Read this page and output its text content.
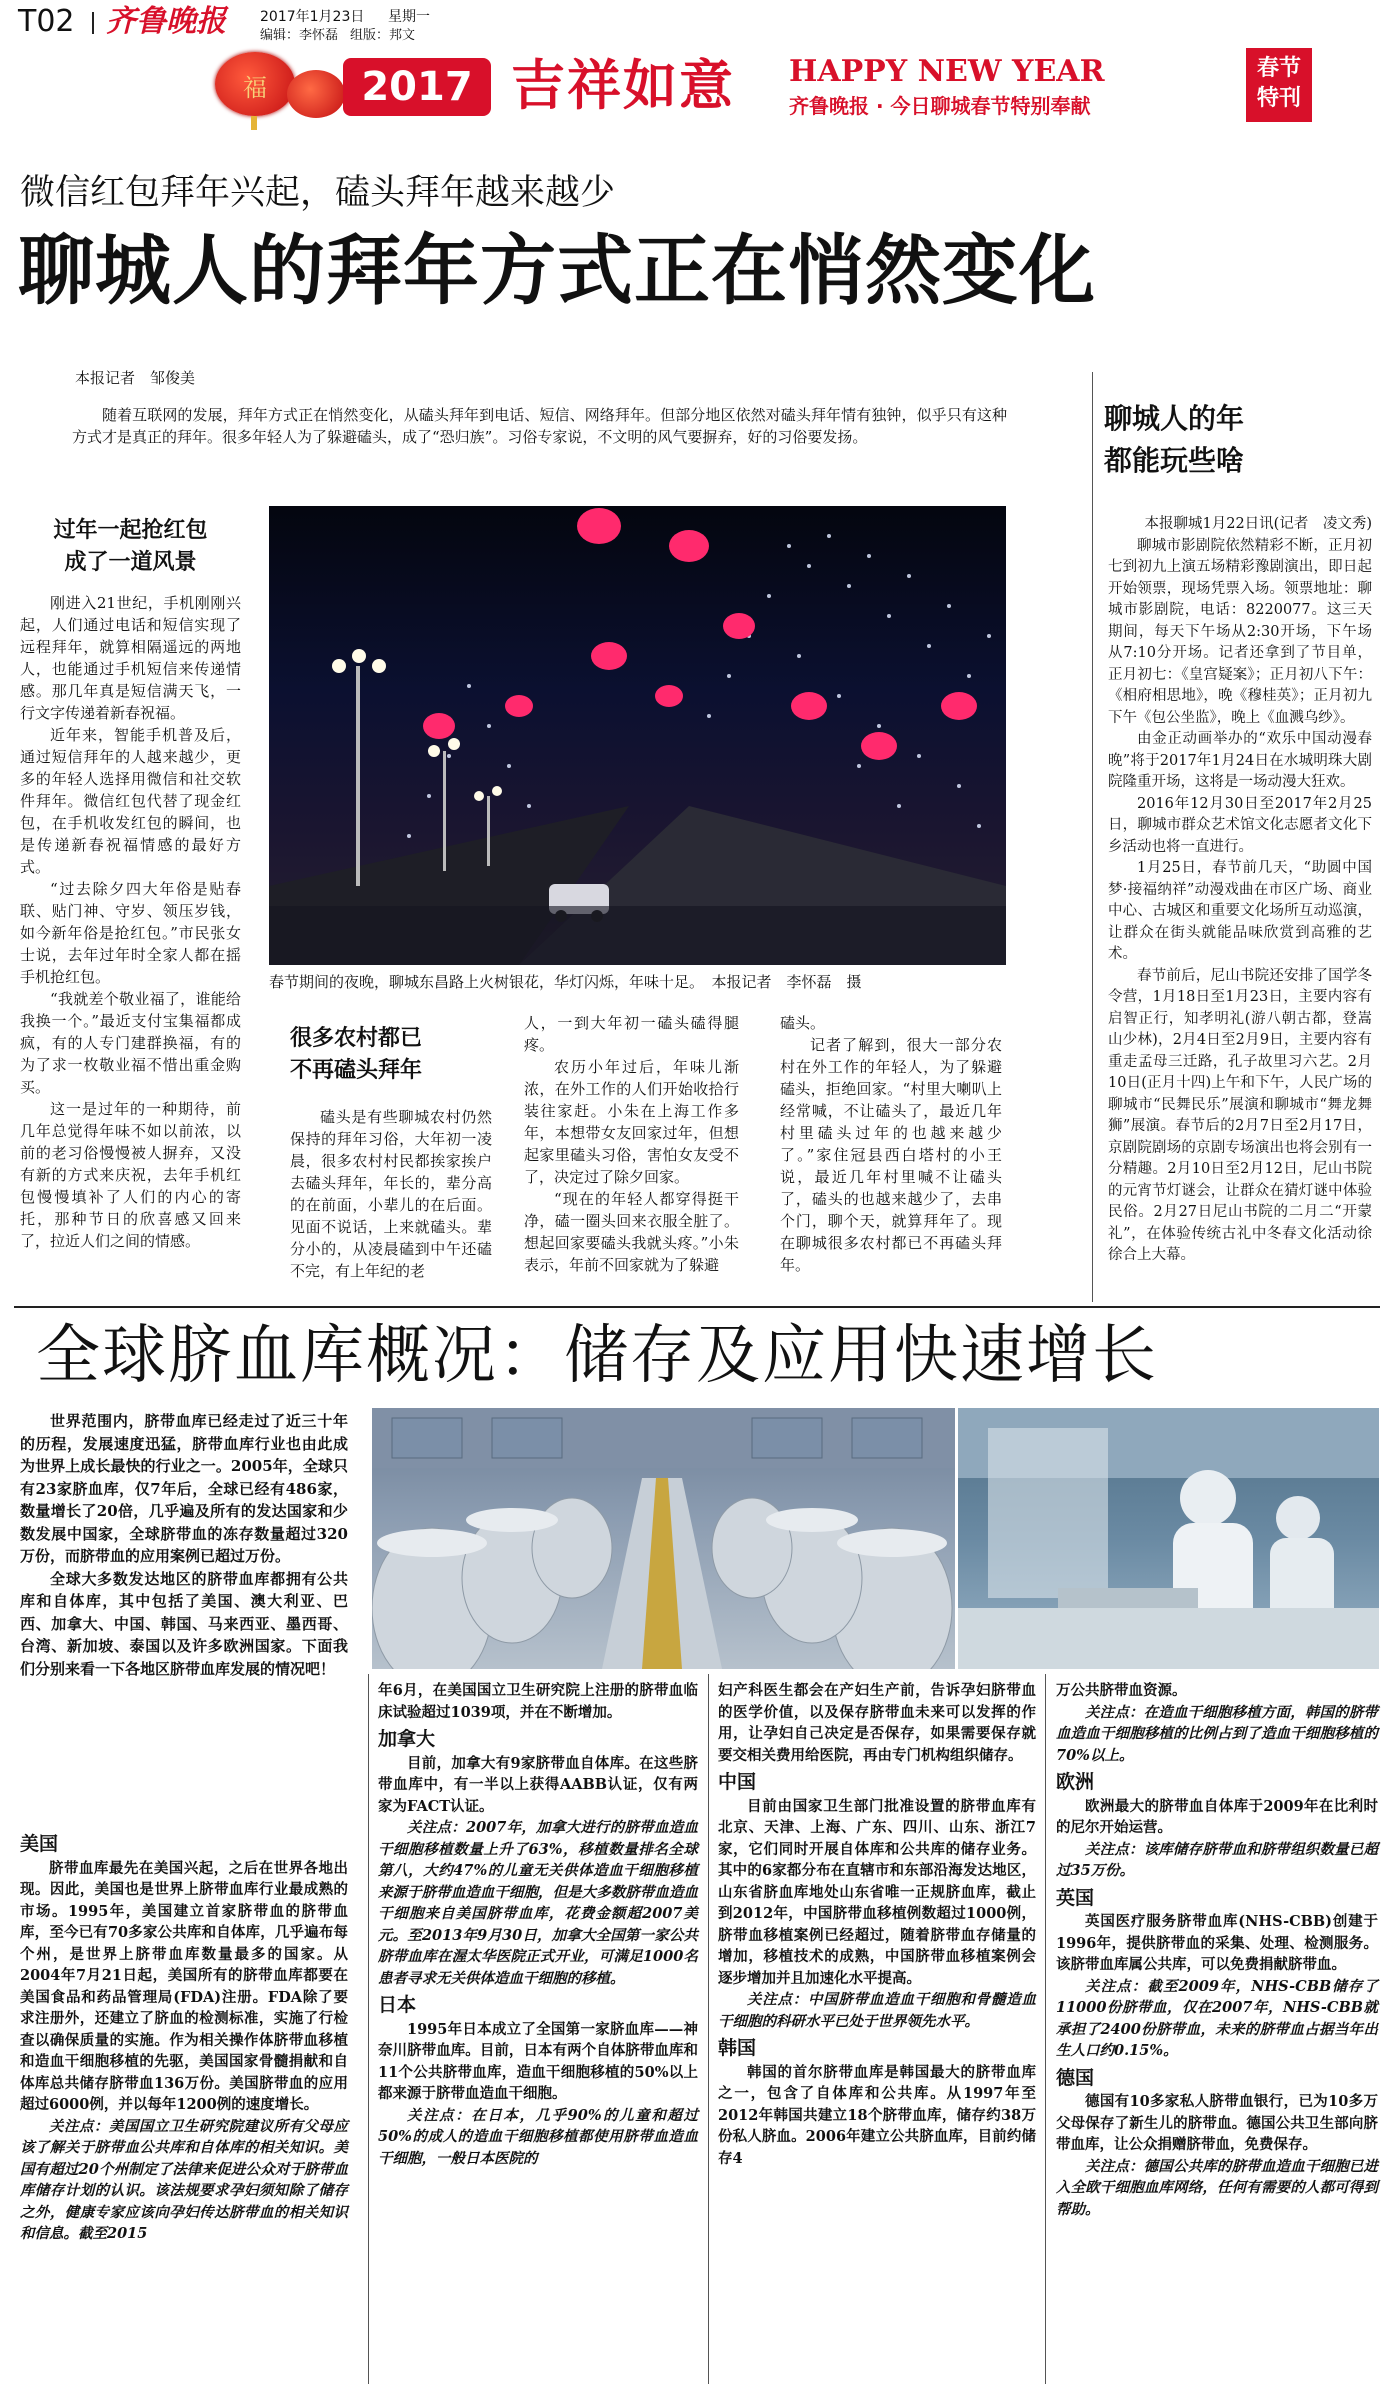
T02 齐鲁晚报 2017年1月23日 星期一
编辑：李怀磊 组版：邦文
福	2017 吉祥如意 HAPPY NEW YEAR
齐鲁晚报 · 今日聊城春节特别奉献
春节
特刊
微信红包拜年兴起，磕头拜年越来越少
聊城人的拜年方式正在悄然变化
本报记者　邹俊美

随着互联网的发展，拜年方式正在悄然变化，从磕头拜年到电话、短信、网络拜年。但部分地区依然对磕头拜年情有独钟，似乎只有这种方式才是真正的拜年。很多年轻人为了躲避磕头，成了“恐归族”。习俗专家说，不文明的风气要摒弃，好的习俗要发扬。

过年一起抢红包
成了一道风景

刚进入21世纪，手机刚刚兴起，人们通过电话和短信实现了远程拜年，就算相隔遥远的两地人，也能通过手机短信来传递情感。那几年真是短信满天飞，一行文字传递着新春祝福。

近年来，智能手机普及后，通过短信拜年的人越来越少，更多的年轻人选择用微信和社交软件拜年。微信红包代替了现金红包，在手机收发红包的瞬间，也是传递新春祝福情感的最好方式。

“过去除夕四大年俗是贴春联、贴门神、守岁、领压岁钱，如今新年俗是抢红包。”市民张女士说，去年过年时全家人都在摇手机抢红包。

“我就差个敬业福了，谁能给我换一个。”最近支付宝集福都成疯，有的人专门建群换福，有的为了求一枚敬业福不惜出重金购买。

这一是过年的一种期待，前几年总觉得年味不如以前浓，以前的老习俗慢慢被人摒弃，又没有新的方式来庆祝，去年手机红包慢慢填补了人们的内心的寄托，那种节日的欣喜感又回来了，拉近人们之间的情感。

春节期间的夜晚，聊城东昌路上火树银花，华灯闪烁，年味十足。　本报记者　李怀磊　摄
很多农村都已
不再磕头拜年

磕头是有些聊城农村仍然保持的拜年习俗，大年初一凌晨，很多农村村民都挨家挨户去磕头拜年，年长的，辈分高的在前面，小辈儿的在后面。见面不说话，上来就磕头。辈分小的，从凌晨磕到中午还磕不完，有上年纪的老

人，一到大年初一磕头磕得腿疼。

农历小年过后，年味儿渐浓，在外工作的人们开始收拾行装往家赶。小朱在上海工作多年，本想带女友回家过年，但想起家里磕头习俗，害怕女友受不了，决定过了除夕回家。

“现在的年轻人都穿得挺干净，磕一圈头回来衣服全脏了。想起回家要磕头我就头疼。”小朱表示，年前不回家就为了躲避

磕头。

记者了解到，很大一部分农村在外工作的年轻人，为了躲避磕头，拒绝回家。“村里大喇叭上经常喊，不让磕头了，最近几年村里磕头过年的也越来越少了。”家住冠县西白塔村的小王说，最近几年村里喊不让磕头了，磕头的也越来越少了，去串个门，聊个天，就算拜年了。现在聊城很多农村都已不再磕头拜年。

聊城人的年
都能玩些啥

本报聊城1月22日讯(记者　凌文秀)

聊城市影剧院依然精彩不断，正月初七到初九上演五场精彩豫剧演出，即日起开始领票，现场凭票入场。领票地址：聊城市影剧院，电话：8220077。这三天期间，每天下午场从2:30开场，下午场从7:10分开场。记者还拿到了节目单，正月初七：《皇宫疑案》；正月初八下午：《相府相思地》，晚《穆桂英》；正月初九下午《包公坐监》，晚上《血溅乌纱》。

由金正动画举办的“欢乐中国动漫春晚”将于2017年1月24日在水城明珠大剧院隆重开场，这将是一场动漫大狂欢。

2016年12月30日至2017年2月25日，聊城市群众艺术馆文化志愿者文化下乡活动也将一直进行。

1月25日，春节前几天，“助圆中国梦·接福纳祥”动漫戏曲在市区广场、商业中心、古城区和重要文化场所互动巡演，让群众在街头就能品味欣赏到高雅的艺术。

春节前后，尼山书院还安排了国学冬令营，1月18日至1月23日，主要内容有启智正行，知孝明礼(游八朝古都，登嵩山少林)，2月4日至2月9日，主要内容有重走孟母三迁路，孔子故里习六艺。2月10日(正月十四)上午和下午，人民广场的聊城市“民舞民乐”展演和聊城市“舞龙舞狮”展演。春节后的2月7日至2月17日，京剧院剧场的京剧专场演出也将会别有一分精趣。2月10日至2月12日，尼山书院的元宵节灯谜会，让群众在猜灯谜中体验民俗。2月27日尼山书院的二月二“开蒙礼”，在体验传统古礼中冬春文化活动徐徐合上大幕。

全球脐血库概况：储存及应用快速增长

世界范围内，脐带血库已经走过了近三十年的历程，发展速度迅猛，脐带血库行业也由此成为世界上成长最快的行业之一。2005年，全球只有23家脐血库，仅7年后，全球已经有486家，数量增长了20倍，几乎遍及所有的发达国家和少数发展中国家，全球脐带血的冻存数量超过320万份，而脐带血的应用案例已超过万份。

全球大多数发达地区的脐带血库都拥有公共库和自体库，其中包括了美国、澳大利亚、巴西、加拿大、中国、韩国、马来西亚、墨西哥、台湾、新加坡、泰国以及许多欧洲国家。下面我们分别来看一下各地区脐带血库发展的情况吧！

美国

脐带血库最先在美国兴起，之后在世界各地出现。因此，美国也是世界上脐带血库行业最成熟的市场。1995年，美国建立首家脐带血的脐带血库，至今已有70多家公共库和自体库，几乎遍布每个州，是世界上脐带血库数量最多的国家。从2004年7月21日起，美国所有的脐带血库都要在美国食品和药品管理局(FDA)注册。FDA除了要求注册外，还建立了脐血的检测标准，实施了行检查以确保质量的实施。作为相关操作体脐带血移植和造血干细胞移植的先驱，美国国家骨髓捐献和自体库总共储存脐带血136万份。美国脐带血的应用超过6000例，并以每年1200例的速度增长。

关注点：美国国立卫生研究院建议所有父母应该了解关于脐带血公共库和自体库的相关知识。美国有超过20个州制定了法律来促进公众对于脐带血库储存计划的认识。该法规要求孕妇须知除了储存之外，健康专家应该向孕妇传达脐带血的相关知识和信息。截至2015

年6月，在美国国立卫生研究院上注册的脐带血临床试验超过1039项，并在不断增加。

加拿大

目前，加拿大有9家脐带血自体库。在这些脐带血库中，有一半以上获得AABB认证，仅有两家为FACT认证。

关注点：2007年，加拿大进行的脐带血造血干细胞移植数量上升了63%，移植数量排名全球第八，大约47%的儿童无关供体造血干细胞移植来源于脐带血造血干细胞，但是大多数脐带血造血干细胞来自美国脐带血库，花费金额超2007美元。至2013年9月30日，加拿大全国第一家公共脐带血库在渥太华医院正式开业，可满足1000名患者寻求无关供体造血干细胞的移植。

日本

1995年日本成立了全国第一家脐血库——神奈川脐带血库。目前，日本有两个自体脐带血库和11个公共脐带血库，造血干细胞移植的50%以上都来源于脐带血造血干细胞。

关注点：在日本，几乎90%的儿童和超过50%的成人的造血干细胞移植都使用脐带血造血干细胞，一般日本医院的

妇产科医生都会在产妇生产前，告诉孕妇脐带血的医学价值，以及保存脐带血未来可以发挥的作用，让孕妇自己决定是否保存，如果需要保存就要交相关费用给医院，再由专门机构组织储存。

中国

目前由国家卫生部门批准设置的脐带血库有北京、天津、上海、广东、四川、山东、浙江7家，它们同时开展自体库和公共库的储存业务。其中的6家都分布在直辖市和东部沿海发达地区，山东省脐血库地处山东省唯一正规脐血库，截止到2012年，中国脐带血移植例数超过1000例，脐带血移植案例已经超过，随着脐带血存储量的增加，移植技术的成熟，中国脐带血移植案例会逐步增加并且加速化水平提高。

关注点：中国脐带血造血干细胞和骨髓造血干细胞的科研水平已处于世界领先水平。

韩国

韩国的首尔脐带血库是韩国最大的脐带血库之一，包含了自体库和公共库。从1997年至2012年韩国共建立18个脐带血库，储存约38万份私人脐血。2006年建立公共脐血库，目前约储存4

万公共脐带血资源。

关注点：在造血干细胞移植方面，韩国的脐带血造血干细胞移植的比例占到了造血干细胞移植的70%以上。

欧洲

欧洲最大的脐带血自体库于2009年在比利时的尼尔开始运营。

关注点：该库储存脐带血和脐带组织数量已超过35万份。

英国

英国医疗服务脐带血库(NHS-CBB)创建于1996年，提供脐带血的采集、处理、检测服务。该脐带血库属公共库，可以免费捐献脐带血。

关注点：截至2009年，NHS-CBB储存了11000份脐带血，仅在2007年，NHS-CBB就承担了2400份脐带血，未来的脐带血占据当年出生人口约0.15%。

德国

德国有10多家私人脐带血银行，已为10多万父母保存了新生儿的脐带血。德国公共卫生部向脐带血库，让公众捐赠脐带血，免费保存。

关注点：德国公共库的脐带血造血干细胞已进入全欧干细胞血库网络，任何有需要的人都可得到帮助。
